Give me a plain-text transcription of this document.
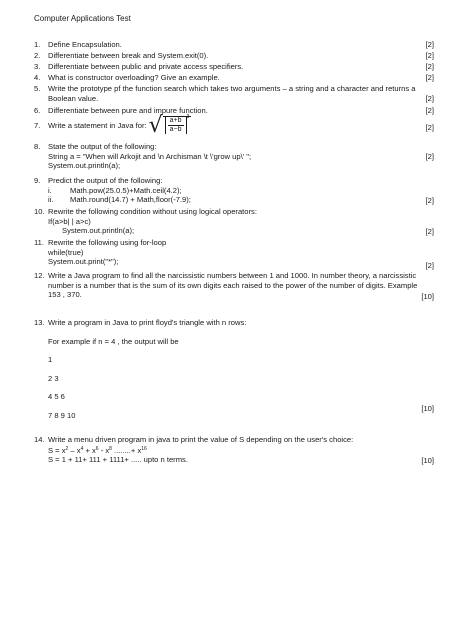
Computer Applications Test
1.	Define Encapsulation.	[2]
2.	Differentiate between break and System.exit(0).	[2]
3.	Differentiate between public and private access specifiers.	[2]
4.	What is constructor overloading? Give an example.	[2]
5.	Write the prototype pf the function search which takes two arguments – a string and a character and returns a
Boolean value.	[2]
6.	Differentiate between pure and impure function.	[2]
7.	Write a statement in Java for: √ $\frac{a+b}{a-b} 3$
[2]
8.	State the output of the following:
String a = "When will Arkojit and \n Archisman \t \'grow up\' ";
System.out.println(a);
[2]
9.	Predict the output of the following:
i.	Math.pow(25.0.5)+Math.ceil(4.2);
ii.	Math.round(14.7) + Math,floor(-7.9);	[2]
10. Rewrite the following condition without using logical operators:
If(a>b| | a>c)
System.out.println(a);	[2]
11. Rewrite the following using for-loop
while(true)
System.out.print("*");	[2]
12. Write a Java program to find all the narcissistic numbers between 1 and 1000. In number theory, a narcissistic
number is a number that is the sum of its own digits each raised to the power of the number of digits. Example
153 , 370.	[10]
13. Write a program in Java to print floyd's triangle with n rows:
For example if n = 4 , the output will be
1
2 3
4 5 6
7 8 9 10
[10]
14. Write a menu driven program in java to print the value of S depending on the user's choice:
$S = x^2 - x^4 + x^6 - x^8$ ........+ $x^{16}$
S = 1 + 11+ 111 + 1111+ ..... upto n terms.	[10]
